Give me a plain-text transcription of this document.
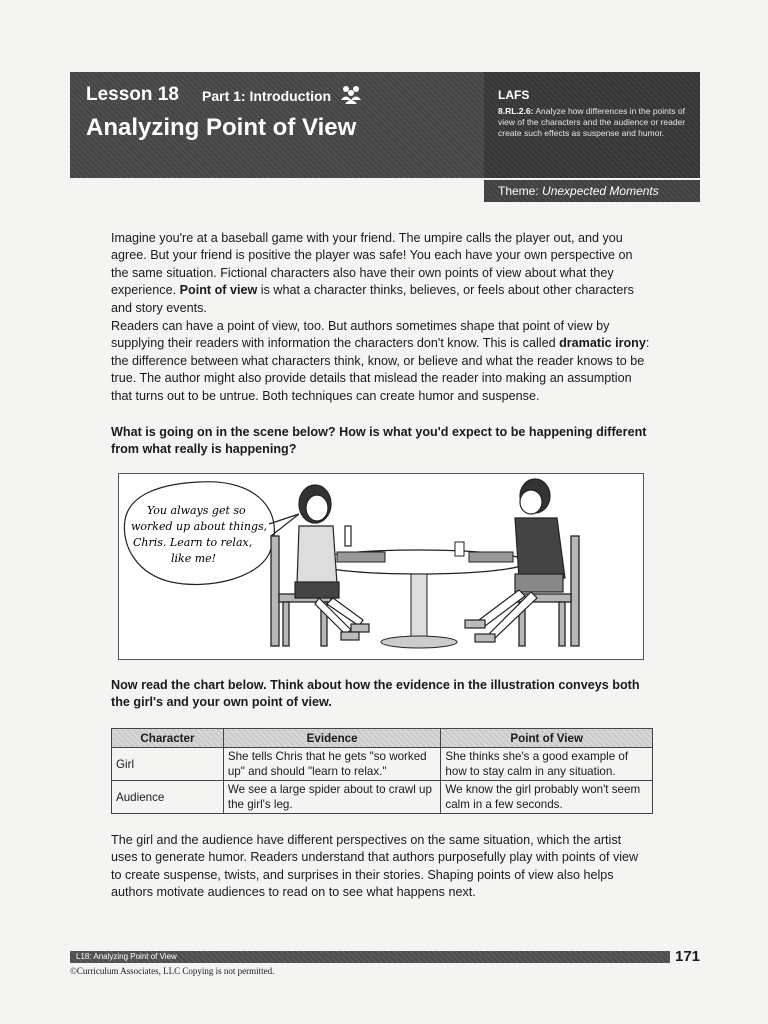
Lesson 18 Part 1: Introduction
Analyzing Point of View
LAFS
8.RL.2.6: Analyze how differences in the points of view of the characters and the audience or reader create such effects as suspense and humor.
Theme: Unexpected Moments

Imagine you're at a baseball game with your friend. The umpire calls the player out, and you agree. But your friend is positive the player was safe! You each have your own perspective on the same situation. Fictional characters also have their own points of view about what they experience. Point of view is what a character thinks, believes, or feels about other characters and story events.

Readers can have a point of view, too. But authors sometimes shape that point of view by supplying their readers with information the characters don't know. This is called dramatic irony: the difference between what characters think, know, or believe and what the reader knows to be true. The author might also provide details that mislead the reader into making an assumption that turns out to be untrue. Both techniques can create humor and suspense.

What is going on in the scene below? How is what you'd expect to be happening different from what really is happening?

You always get so
worked up about things,
Chris. Learn to relax,
like me!

Now read the chart below. Think about how the evidence in the illustration conveys both the girl's and your own point of view.

Character	Evidence	Point of View
Girl	She tells Chris that he gets "so worked up" and should "learn to relax."	She thinks she's a good example of how to stay calm in any situation.
Audience	We see a large spider about to crawl up the girl's leg.	We know the girl probably won't seem calm in a few seconds.

The girl and the audience have different perspectives on the same situation, which the artist uses to generate humor. Readers understand that authors purposefully play with points of view to create suspense, twists, and surprises in their stories. Shaping points of view also helps authors motivate audiences to read on to see what happens next.

L18: Analyzing Point of View	171
©Curriculum Associates, LLC Copying is not permitted.
